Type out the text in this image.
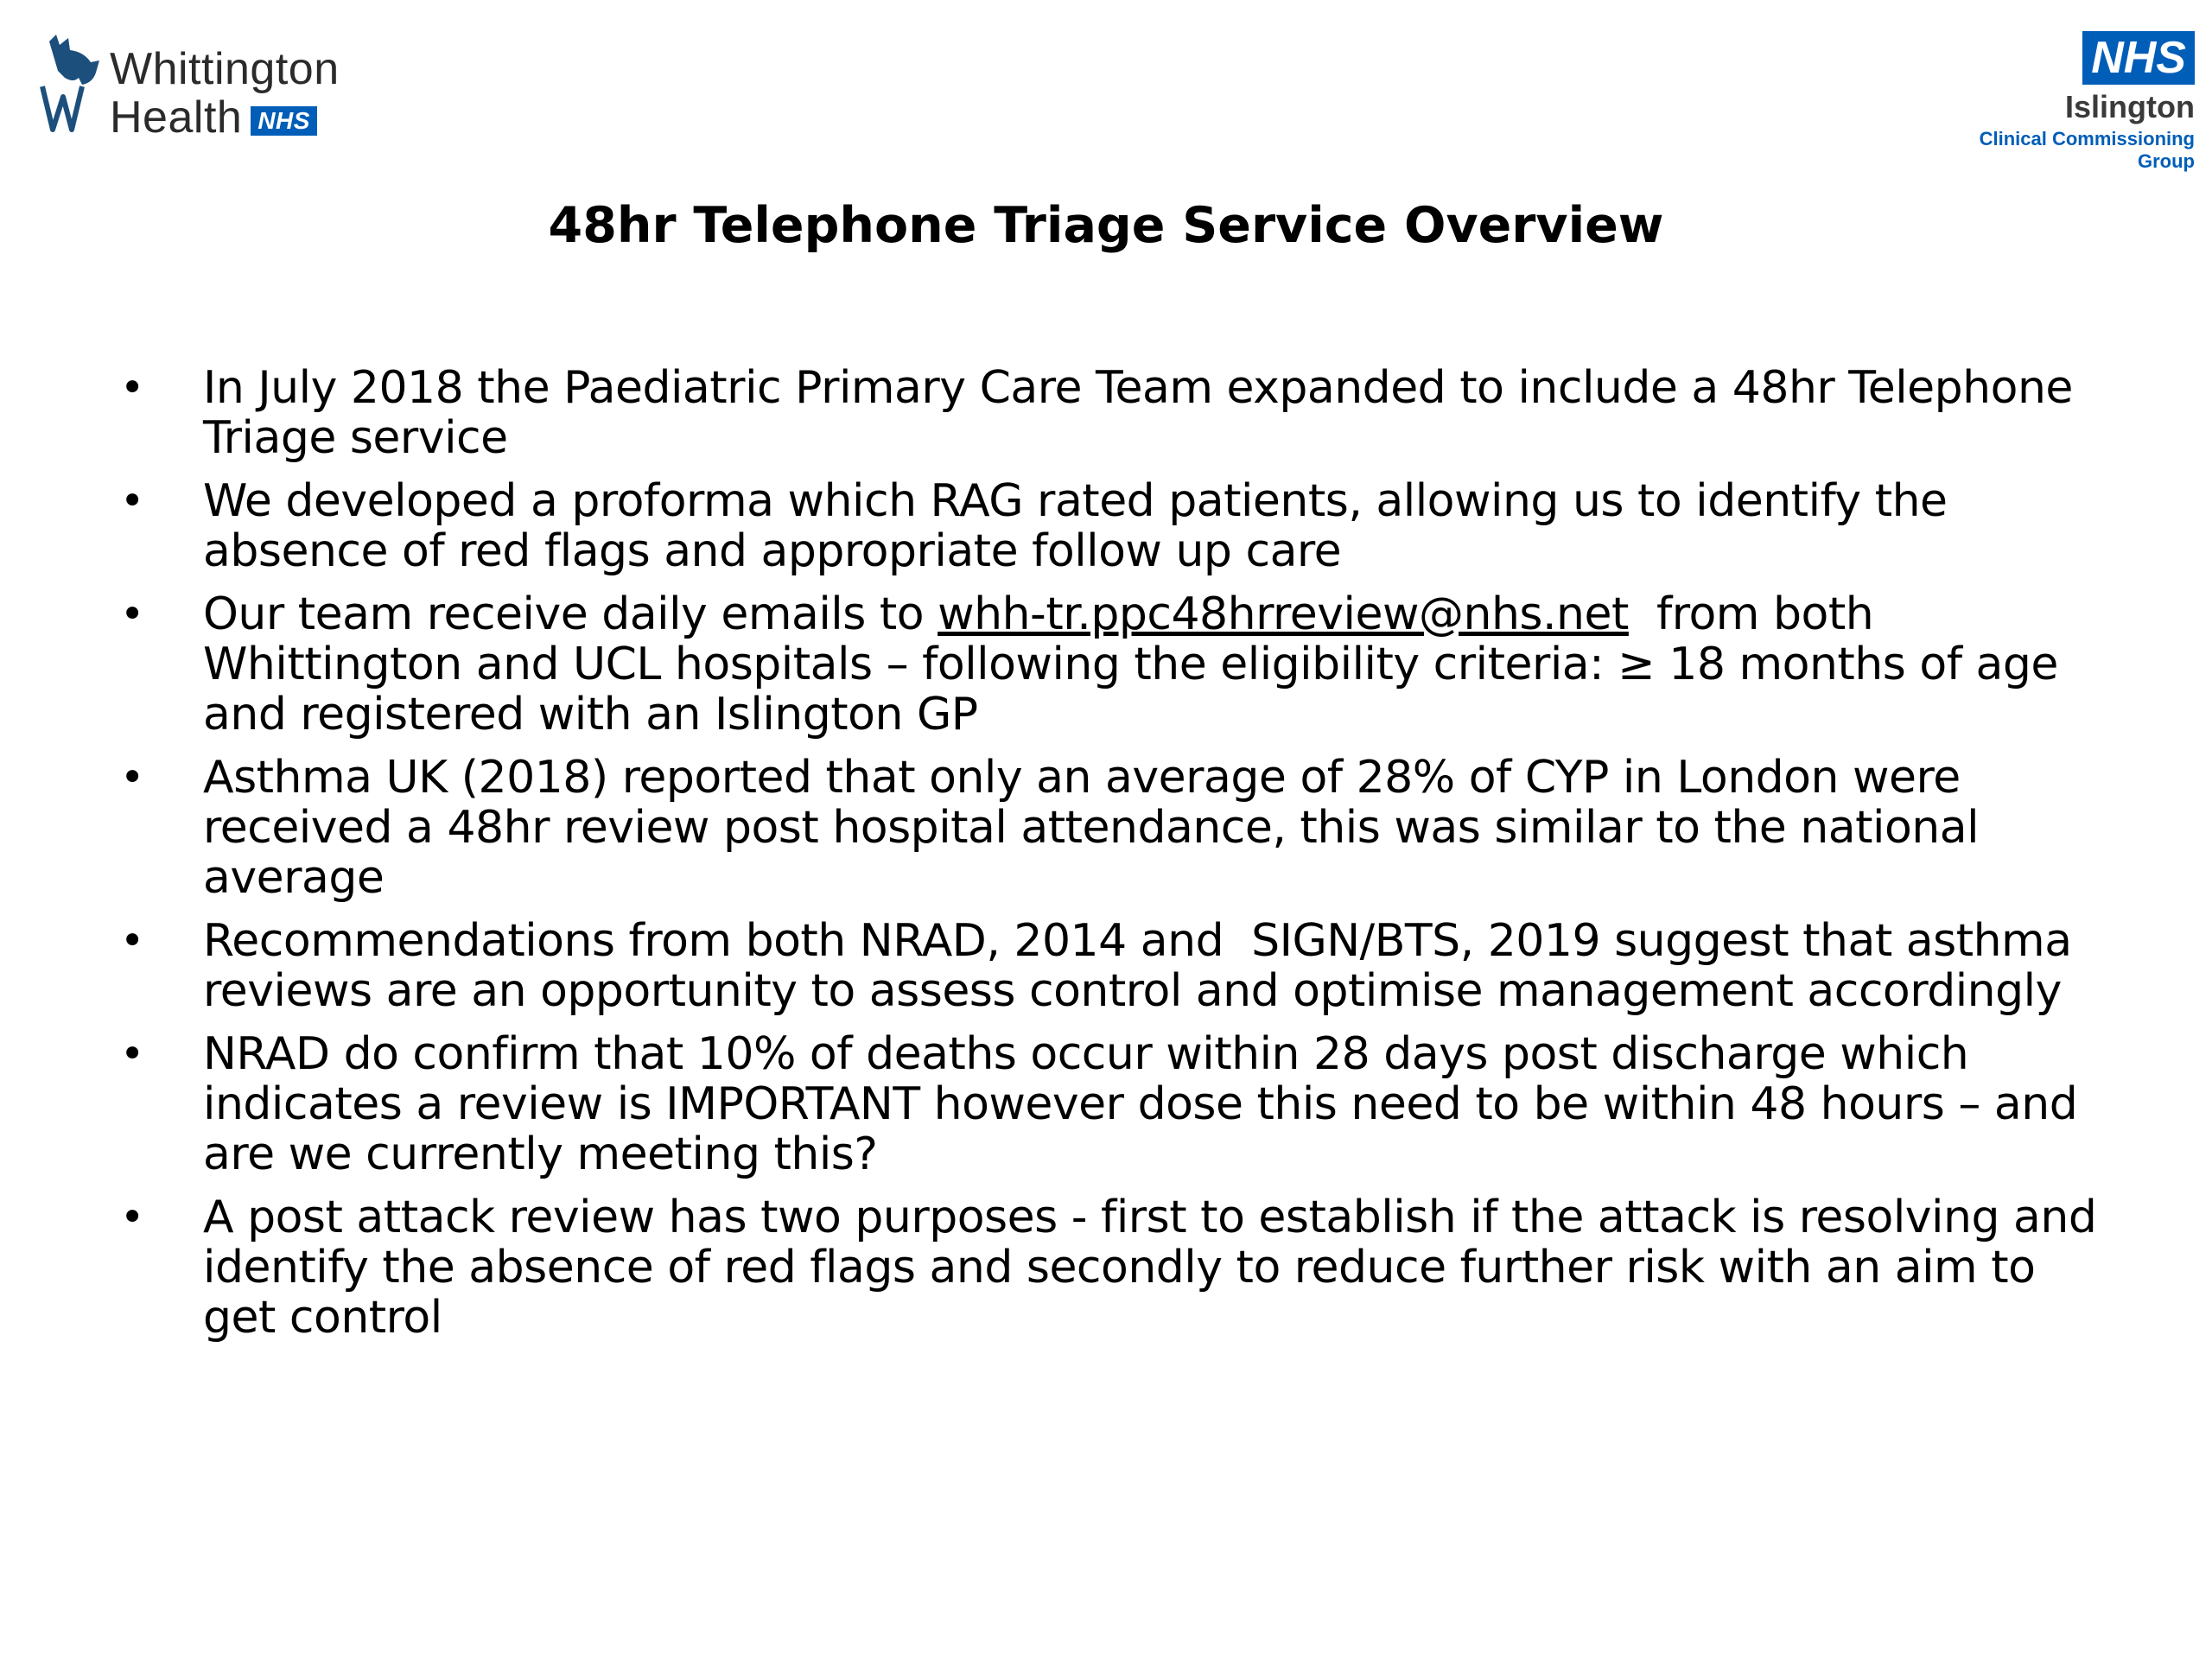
Whittington
Health NHS
NHS
Islington
Clinical Commissioning Group
48hr Telephone Triage Service Overview
• In July 2018 the Paediatric Primary Care Team expanded to include a 48hr Telephone Triage service
• We developed a proforma which RAG rated patients, allowing us to identify the absence of red flags and appropriate follow up care
• Our team receive daily emails to whh-tr.ppc48hrreview@nhs.net  from both Whittington and UCL hospitals – following the eligibility criteria: ≥ 18 months of age and registered with an Islington GP
• Asthma UK (2018) reported that only an average of 28% of CYP in London were received a 48hr review post hospital attendance, this was similar to the national average
• Recommendations from both NRAD, 2014 and  SIGN/BTS, 2019 suggest that asthma reviews are an opportunity to assess control and optimise management accordingly
• NRAD do confirm that 10% of deaths occur within 28 days post discharge which indicates a review is IMPORTANT however dose this need to be within 48 hours – and are we currently meeting this?
• A post attack review has two purposes - first to establish if the attack is resolving and identify the absence of red flags and secondly to reduce further risk with an aim to get control
